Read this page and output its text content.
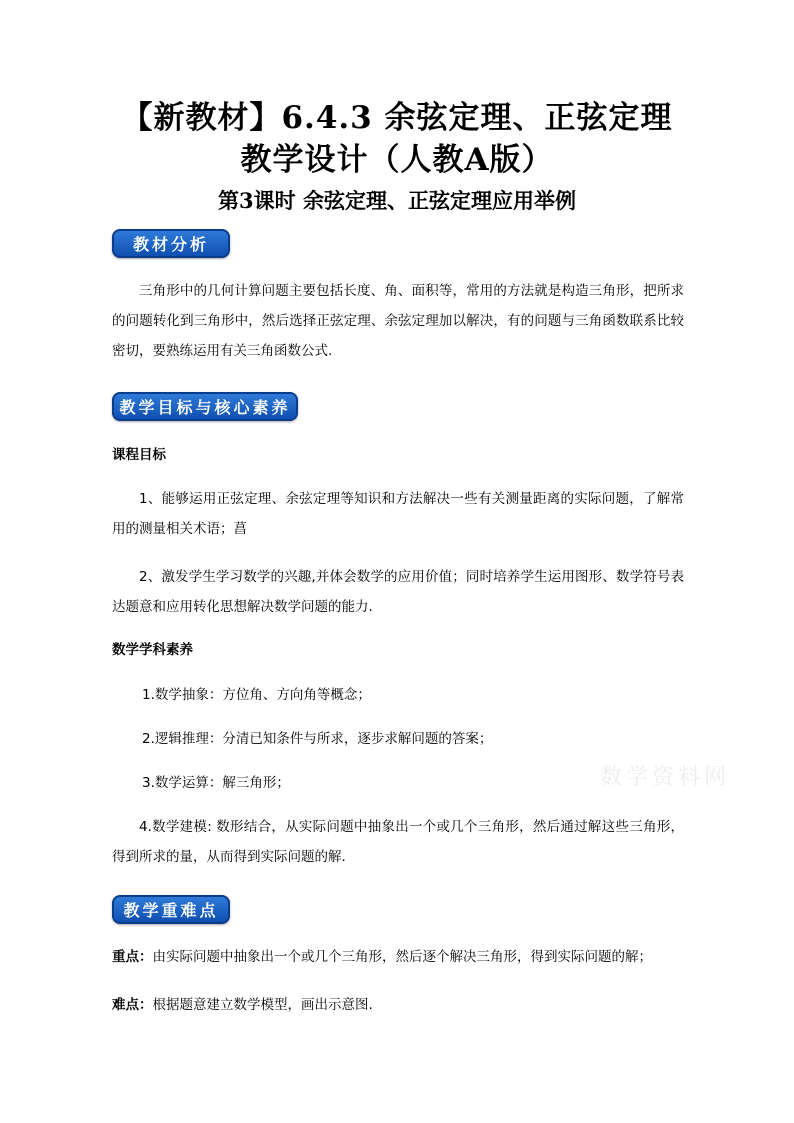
【新教材】6.4.3 余弦定理、正弦定理
教学设计（人教A版）
第3课时 余弦定理、正弦定理应用举例
教材分析
三角形中的几何计算问题主要包括长度、角、面积等，常用的方法就是构造三角形，把所求的问题转化到三角形中，然后选择正弦定理、余弦定理加以解决，有的问题与三角函数联系比较密切，要熟练运用有关三角函数公式.
教学目标与核心素养
课程目标
1、能够运用正弦定理、余弦定理等知识和方法解决一些有关测量距离的实际问题，了解常用的测量相关术语；菖
2、激发学生学习数学的兴趣,并体会数学的应用价值；同时培养学生运用图形、数学符号表达题意和应用转化思想解决数学问题的能力.
数学学科素养
1.数学抽象：方位角、方向角等概念；
2.逻辑推理：分清已知条件与所求，逐步求解问题的答案；
3.数学运算：解三角形；
4.数学建模: 数形结合，从实际问题中抽象出一个或几个三角形，然后通过解这些三角形，得到所求的量，从而得到实际问题的解．
教学重难点
重点：由实际问题中抽象出一个或几个三角形，然后逐个解决三角形，得到实际问题的解；
难点：根据题意建立数学模型，画出示意图.
数学资料网
